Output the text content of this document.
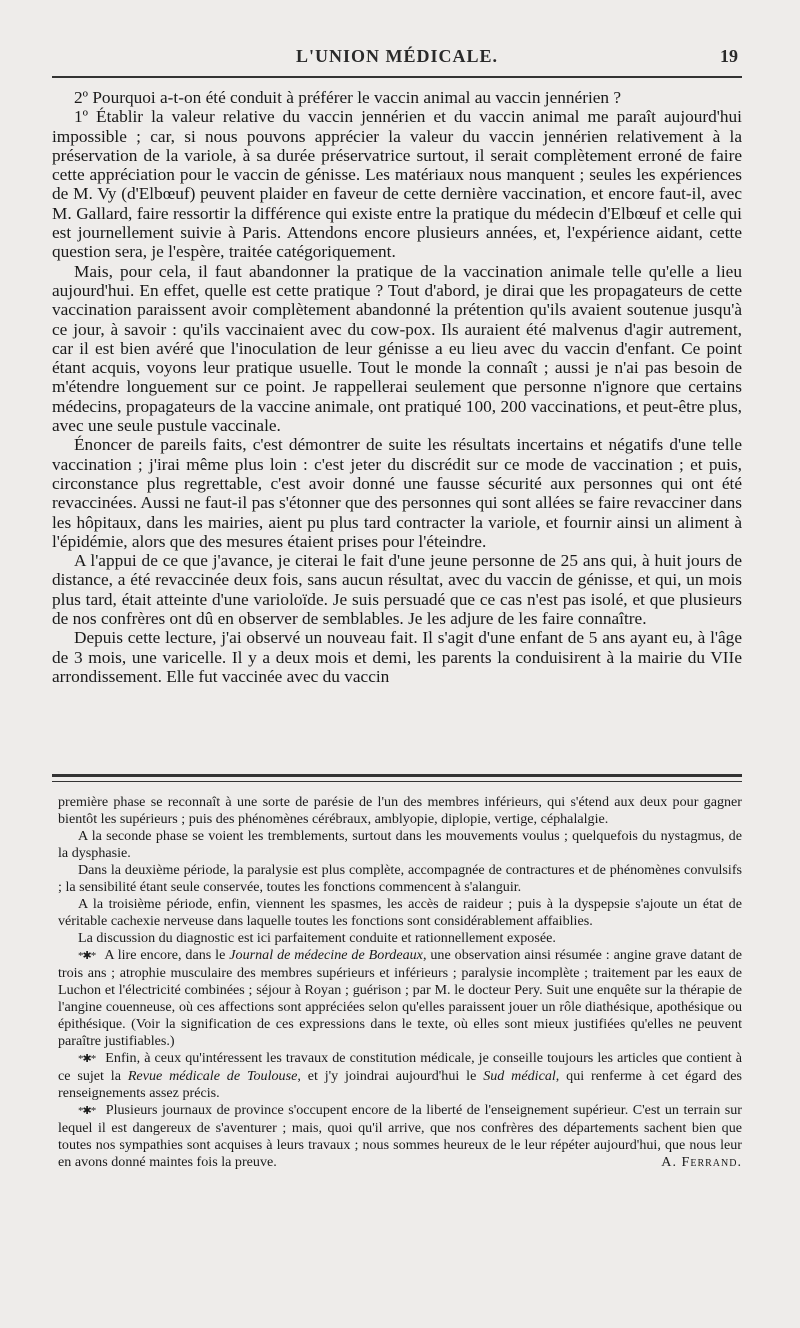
L'UNION MÉDICALE.	19

2º Pourquoi a-t-on été conduit à préférer le vaccin animal au vaccin jennérien ?

1º Établir la valeur relative du vaccin jennérien et du vaccin animal me paraît aujourd'hui impossible ; car, si nous pouvons apprécier la valeur du vaccin jennérien relativement à la préservation de la variole, à sa durée préservatrice surtout, il serait complètement erroné de faire cette appréciation pour le vaccin de génisse. Les matériaux nous manquent ; seules les expériences de M. Vy (d'Elbœuf) peuvent plaider en faveur de cette dernière vaccination, et encore faut-il, avec M. Gallard, faire ressortir la différence qui existe entre la pratique du médecin d'Elbœuf et celle qui est journellement suivie à Paris. Attendons encore plusieurs années, et, l'expérience aidant, cette question sera, je l'espère, traitée catégoriquement.

Mais, pour cela, il faut abandonner la pratique de la vaccination animale telle qu'elle a lieu aujourd'hui. En effet, quelle est cette pratique ? Tout d'abord, je dirai que les propagateurs de cette vaccination paraissent avoir complètement abandonné la prétention qu'ils avaient soutenue jusqu'à ce jour, à savoir : qu'ils vaccinaient avec du cow-pox. Ils auraient été malvenus d'agir autrement, car il est bien avéré que l'inoculation de leur génisse a eu lieu avec du vaccin d'enfant. Ce point étant acquis, voyons leur pratique usuelle. Tout le monde la connaît ; aussi je n'ai pas besoin de m'étendre longuement sur ce point. Je rappellerai seulement que personne n'ignore que certains médecins, propagateurs de la vaccine animale, ont pratiqué 100, 200 vaccinations, et peut-être plus, avec une seule pustule vaccinale.

Énoncer de pareils faits, c'est démontrer de suite les résultats incertains et négatifs d'une telle vaccination ; j'irai même plus loin : c'est jeter du discrédit sur ce mode de vaccination ; et puis, circonstance plus regrettable, c'est avoir donné une fausse sécurité aux personnes qui ont été revaccinées. Aussi ne faut-il pas s'étonner que des personnes qui sont allées se faire revacciner dans les hôpitaux, dans les mairies, aient pu plus tard contracter la variole, et fournir ainsi un aliment à l'épidémie, alors que des mesures étaient prises pour l'éteindre.

A l'appui de ce que j'avance, je citerai le fait d'une jeune personne de 25 ans qui, à huit jours de distance, a été revaccinée deux fois, sans aucun résultat, avec du vaccin de génisse, et qui, un mois plus tard, était atteinte d'une varioloïde. Je suis persuadé que ce cas n'est pas isolé, et que plusieurs de nos confrères ont dû en observer de semblables. Je les adjure de les faire connaître.

Depuis cette lecture, j'ai observé un nouveau fait. Il s'agit d'une enfant de 5 ans ayant eu, à l'âge de 3 mois, une varicelle. Il y a deux mois et demi, les parents la conduisirent à la mairie du VIIe arrondissement. Elle fut vaccinée avec du vaccin

première phase se reconnaît à une sorte de parésie de l'un des membres inférieurs, qui s'étend aux deux pour gagner bientôt les supérieurs ; puis des phénomènes cérébraux, amblyopie, diplopie, vertige, céphalalgie.

A la seconde phase se voient les tremblements, surtout dans les mouvements voulus ; quelquefois du nystagmus, de la dysphasie.

Dans la deuxième période, la paralysie est plus complète, accompagnée de contractures et de phénomènes convulsifs ; la sensibilité étant seule conservée, toutes les fonctions commencent à s'alanguir.

A la troisième période, enfin, viennent les spasmes, les accès de raideur ; puis à la dyspepsie s'ajoute un état de véritable cachexie nerveuse dans laquelle toutes les fonctions sont considérablement affaiblies.

La discussion du diagnostic est ici parfaitement conduite et rationnellement exposée.

*✱* A lire encore, dans le Journal de médecine de Bordeaux, une observation ainsi résumée : angine grave datant de trois ans ; atrophie musculaire des membres supérieurs et inférieurs ; paralysie incomplète ; traitement par les eaux de Luchon et l'électricité combinées ; séjour à Royan ; guérison ; par M. le docteur Pery. Suit une enquête sur la thérapie de l'angine couenneuse, où ces affections sont appréciées selon qu'elles paraissent jouer un rôle diathésique, apothésique ou épithésique. (Voir la signification de ces expressions dans le texte, où elles sont mieux justifiées qu'elles ne peuvent paraître justifiables.)

*✱* Enfin, à ceux qu'intéressent les travaux de constitution médicale, je conseille toujours les articles que contient à ce sujet la Revue médicale de Toulouse, et j'y joindrai aujourd'hui le Sud médical, qui renferme à cet égard des renseignements assez précis.

*✱* Plusieurs journaux de province s'occupent encore de la liberté de l'enseignement supérieur. C'est un terrain sur lequel il est dangereux de s'aventurer ; mais, quoi qu'il arrive, que nos confrères des départements sachent bien que toutes nos sympathies sont acquises à leurs travaux ; nous sommes heureux de le leur répéter aujourd'hui, que nous leur en avons donné maintes fois la preuve.	A. Ferrand.
